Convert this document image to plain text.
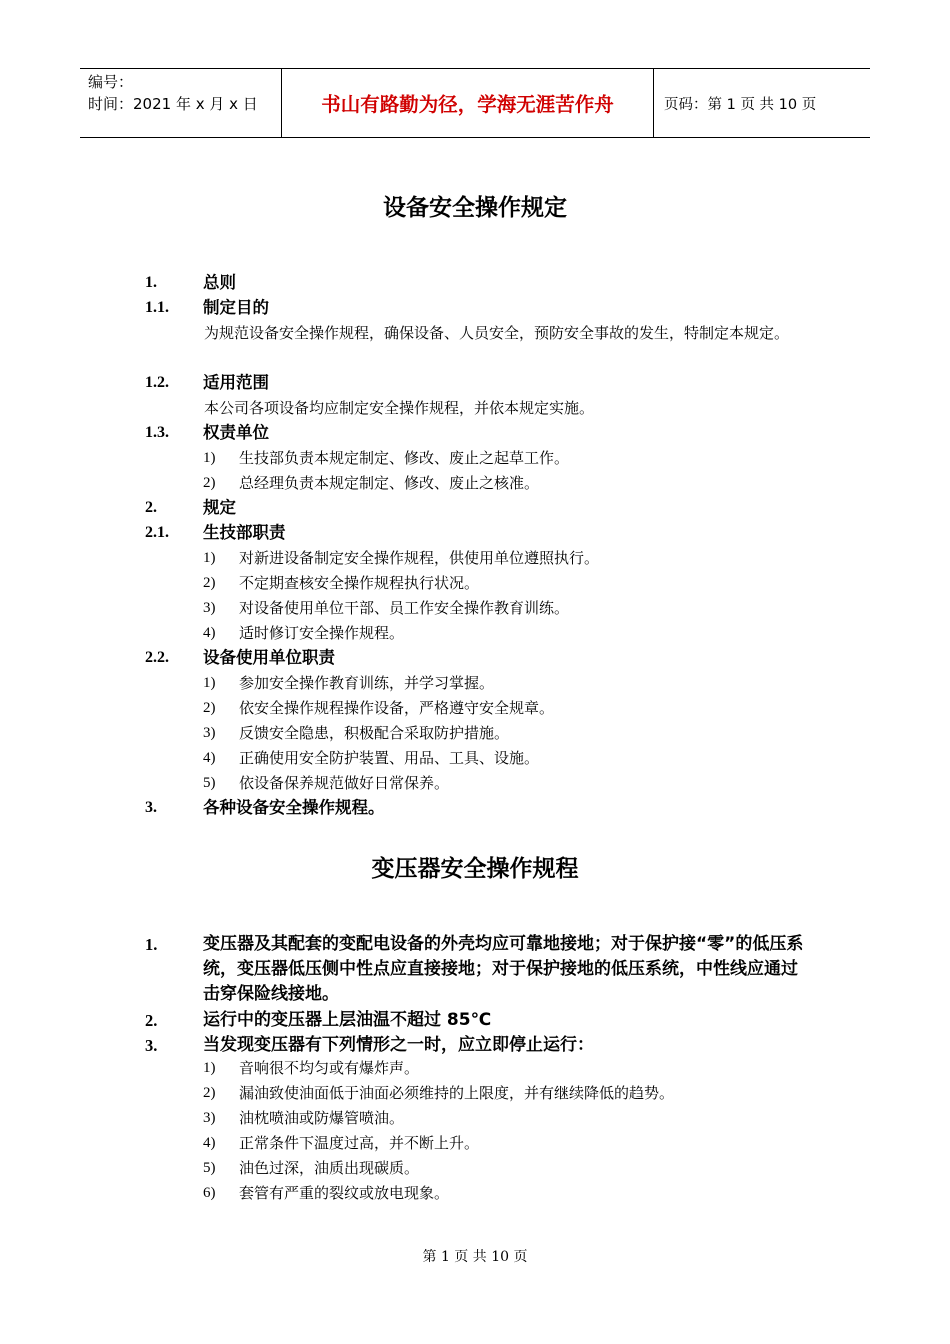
编号：
时间：2021 年 x 月 x 日	书山有路勤为径，学海无涯苦作舟	页码：第 1 页 共 10 页
设备安全操作规定
1.	总则
1.1. 制定目的
为规范设备安全操作规程，确保设备、人员安全，预防安全事故的发生，特制定本规定。
1.2. 适用范围
本公司各项设备均应制定安全操作规程，并依本规定实施。
1.3. 权责单位
1) 生技部负责本规定制定、修改、废止之起草工作。
2) 总经理负责本规定制定、修改、废止之核准。
2.	规定
2.1. 生技部职责
1) 对新进设备制定安全操作规程，供使用单位遵照执行。
2) 不定期查核安全操作规程执行状况。
3) 对设备使用单位干部、员工作安全操作教育训练。
4) 适时修订安全操作规程。
2.2. 设备使用单位职责
1) 参加安全操作教育训练，并学习掌握。
2) 依安全操作规程操作设备，严格遵守安全规章。
3) 反馈安全隐患，积极配合采取防护措施。
4) 正确使用安全防护装置、用品、工具、设施。
5) 依设备保养规范做好日常保养。
3.	各种设备安全操作规程。
变压器安全操作规程
1.	变压器及其配套的变配电设备的外壳均应可靠地接地；对于保护接“零”的低压系统，变压器低压侧中性点应直接接地；对于保护接地的低压系统，中性线应通过击穿保险线接地。
2.	运行中的变压器上层油温不超过 85℃
3.	当发现变压器有下列情形之一时，应立即停止运行：
1) 音响很不均匀或有爆炸声。
2) 漏油致使油面低于油面必须维持的上限度，并有继续降低的趋势。
3) 油枕喷油或防爆管喷油。
4) 正常条件下温度过高，并不断上升。
5) 油色过深，油质出现碳质。
6) 套管有严重的裂纹或放电现象。
第 1 页 共 10 页
